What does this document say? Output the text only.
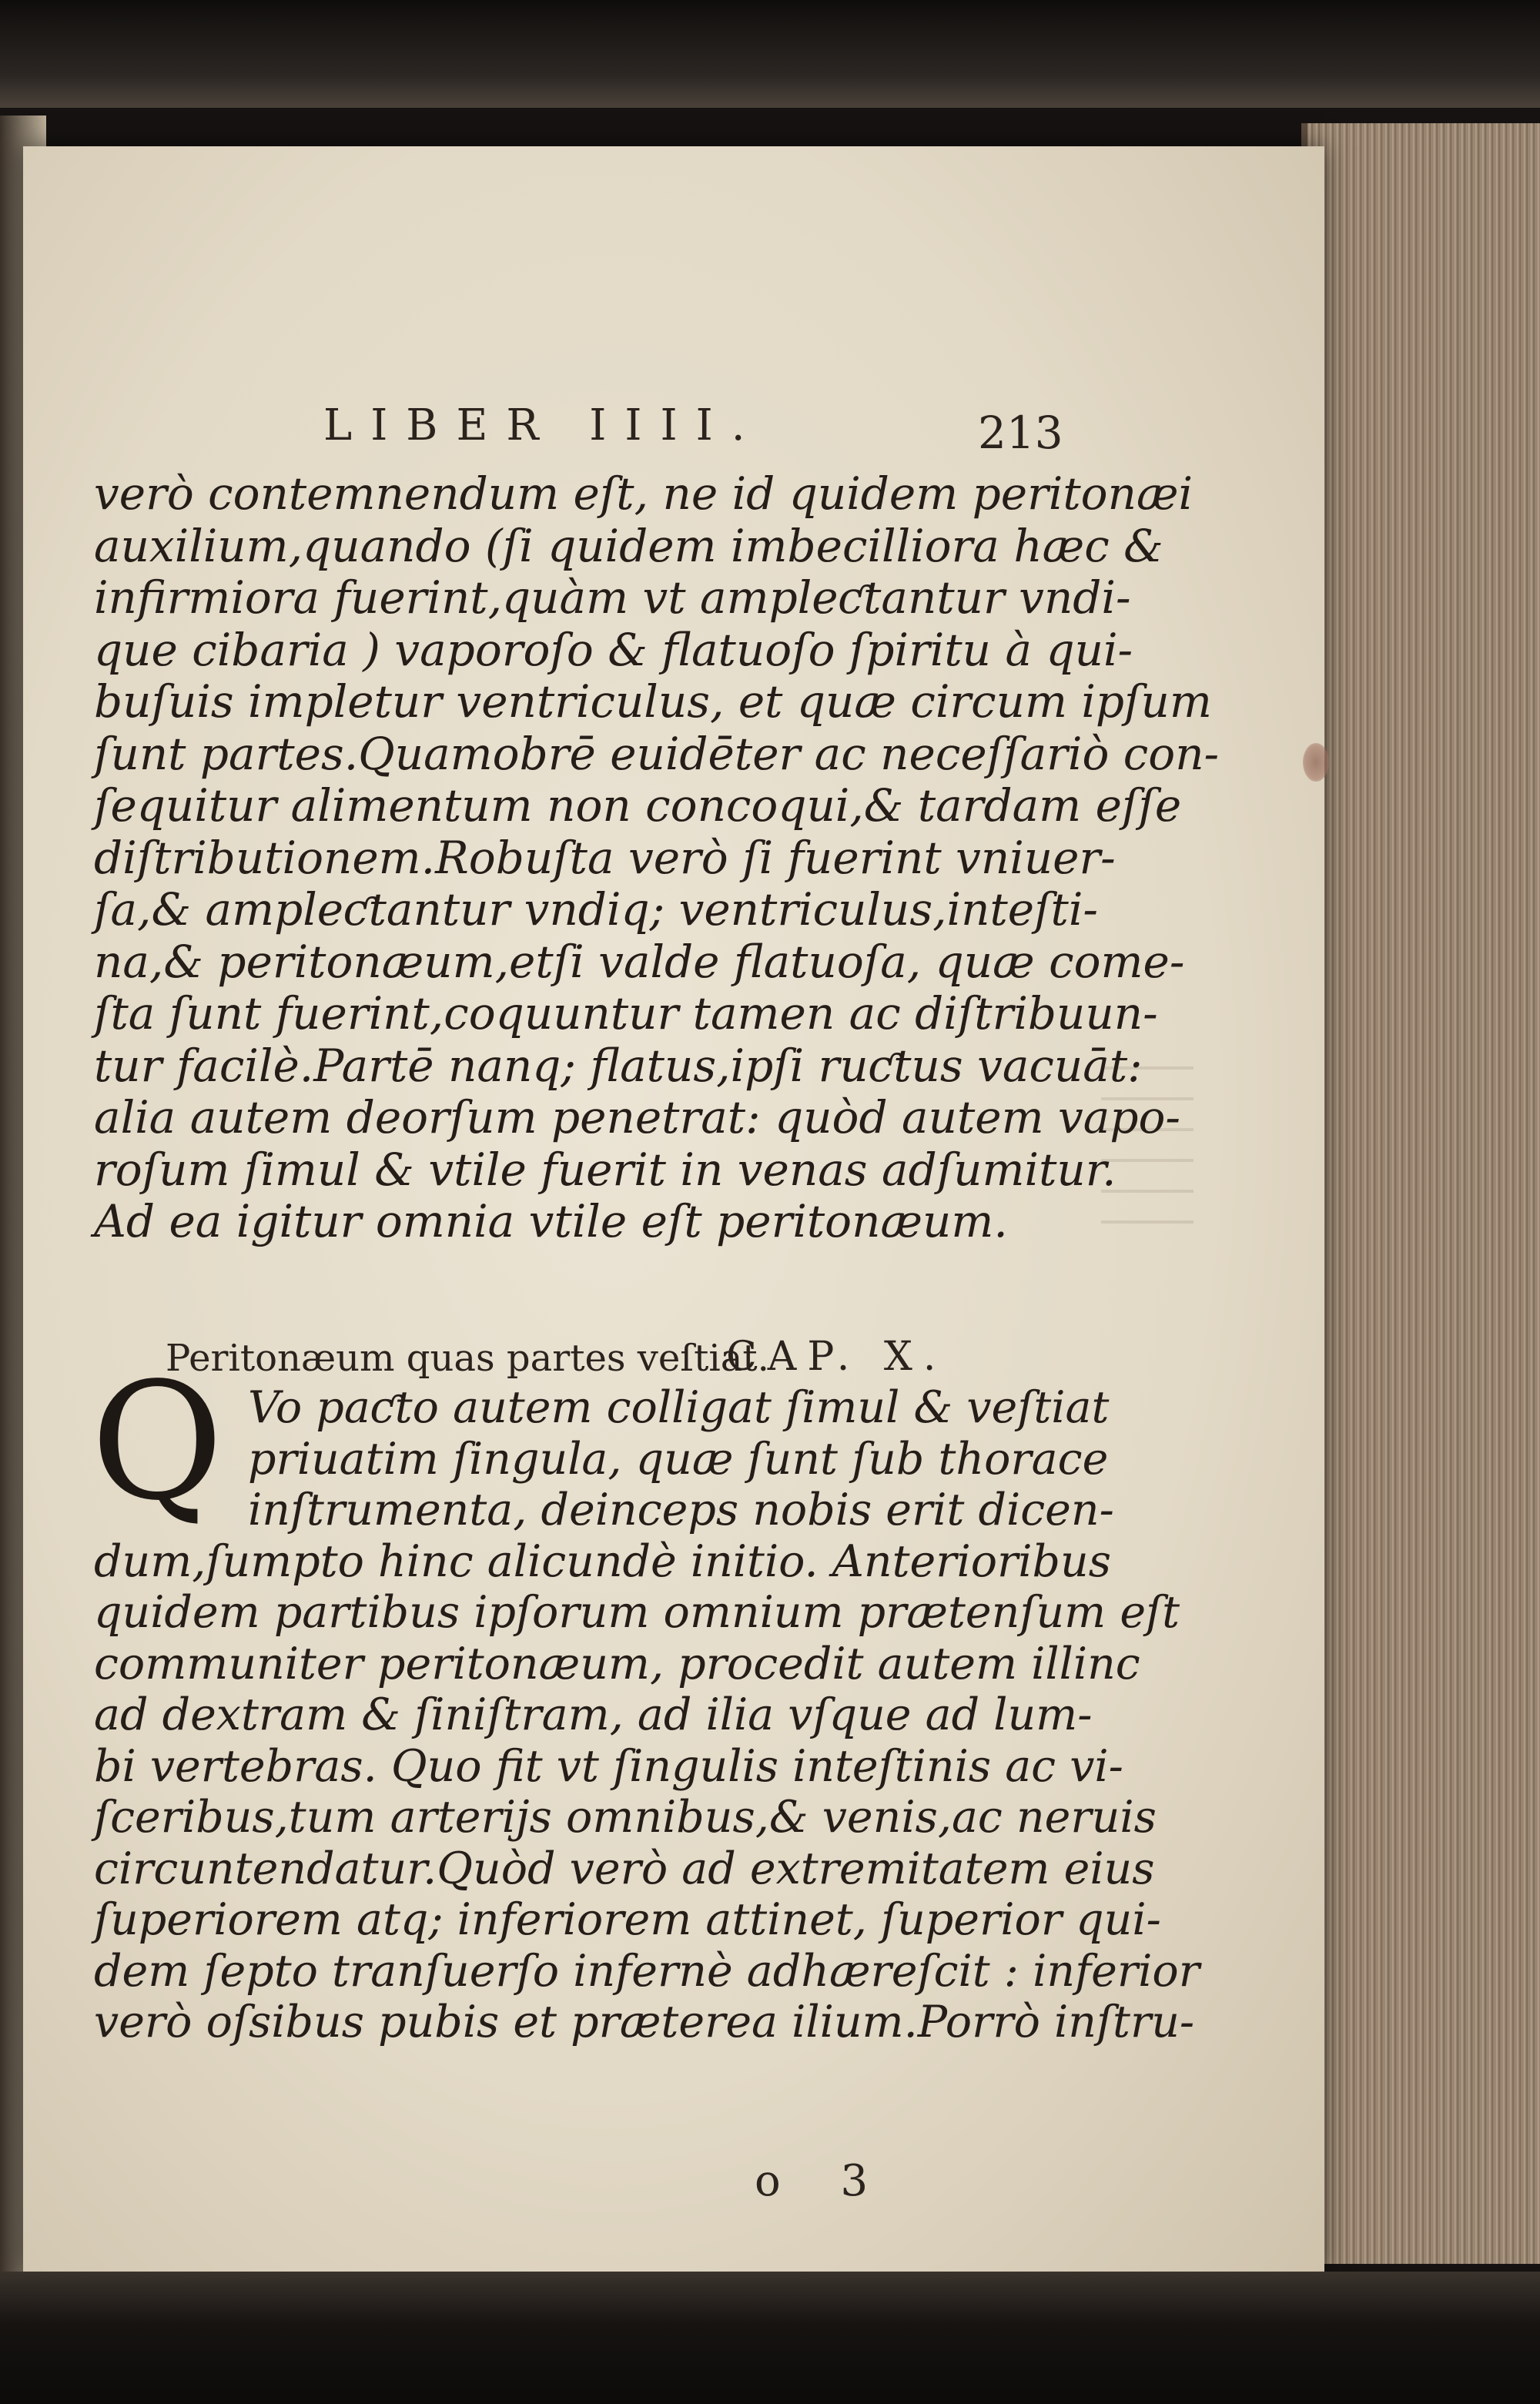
LIBER IIII.	213
verò contemnendum eſt, ne id quidem peritonæi
auxilium,quando (ſi quidem imbecilliora hæc &
infirmiora fuerint,quàm vt ampleƈtantur vndi-
que cibaria ) vaporoſo & flatuoſo ſpiritu à qui-
buſuis impletur ventriculus, et quæ circum ipſum
ſunt partes.Quamobrē euidēter ac neceſſariò con-
ſequitur alimentum non concoqui,& tardam eſſe
diſtributionem.Robuſta verò ſi fuerint vniuer-
ſa,& ampleƈtantur vndiq; ventriculus,inteſti-
na,& peritonæum,etſi valde flatuoſa, quæ come-
ſta ſunt fuerint,coquuntur tamen ac diſtribuun-
tur facilè.Partē nanq; flatus,ipſi ruƈtus vacuāt:
alia autem deorſum penetrat: quòd autem vapo-
roſum ſimul & vtile fuerit in venas adſumitur.
Ad ea igitur omnia vtile eſt peritonæum.
Peritonæum quas partes veſtiat.
CAP. X.
Q Vo paƈto autem colligat ſimul & veſtiat
priuatim ſingula, quæ ſunt ſub thorace
inſtrumenta, deinceps nobis erit dicen-
dum,ſumpto hinc alicundè initio. Anterioribus
quidem partibus ipſorum omnium prætenſum eſt
communiter peritonæum, procedit autem illinc
ad dextram & ſiniſtram, ad ilia vſque ad lum-
bi vertebras. Quo fit vt ſingulis inteſtinis ac vi-
ſceribus,tum arterijs omnibus,& venis,ac neruis
circuntendatur.Quòd verò ad extremitatem eius
ſuperiorem atq; inferiorem attinet, ſuperior qui-
dem ſepto tranſuerſo infernè adhæreſcit : inferior
verò oſsibus pubis et præterea ilium.Porrò inſtru-
o 3
